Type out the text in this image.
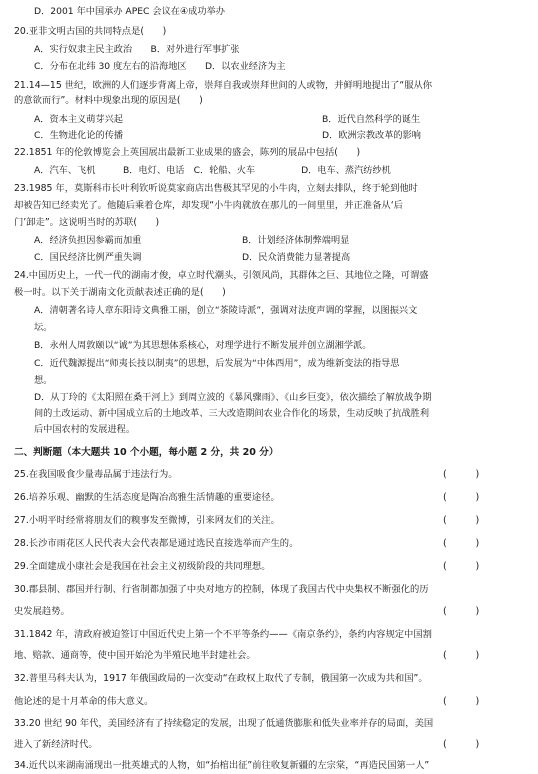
D．2001 年中国承办 APEC 会议在④成功举办
20.亚非文明古国的共同特点是(　　)
A．实行奴隶主民主政治　　B．对外进行军事扩张
C．分布在北纬 30 度左右的沿海地区　　D．以农业经济为主
21.14—15 世纪，欧洲的人们逐步背离上帝，崇拜自我或崇拜世间的人或物，并鲜明地提出了“服从你
的意欲而行”。材料中现象出现的原因是(　　)
A．资本主义萌芽兴起	B．近代自然科学的诞生
C．生物进化论的传播	D．欧洲宗教改革的影响
22.1851 年的伦敦博览会上英国展出最新工业成果的盛会，陈列的展品中包括(　　)
A．汽车、飞机　　　B．电灯、电话　C．轮船、火车　　　　　D．电车、蒸汽纺纱机
23.1985 年，莫斯科市长叶利钦听说莫家商店出售极其罕见的小牛肉，立刻去排队，终于轮到他时
却被告知已经卖光了。他随后乘着仓库，却发现“小牛肉就放在那儿的一间里里，并正准备从‘后
门’卸走”。这说明当时的苏联(　　)
A．经济负担因参霸而加重	B．计划经济体制弊端明显
C．国民经济比例严重失调	D．民众消费能力显著提高
24.中国历史上，一代一代的湖南才俊，卓立时代潮头，引领风尚，其群体之巨、其地位之隆，可谓盛
极一时。以下关于湖南文化贡献表述正确的是(　　)
A．清朝著名诗人章东阳诗文典雅工丽，创立“茶陵诗派”，强调对法度声调的掌握，以图振兴文
坛。
B．永州人周敦颐以“诚”为其思想体系核心，对理学进行不断发展并创立湖湘学派。
C．近代魏源提出“师夷长技以制夷”的思想，后发展为“中体西用”，成为维新变法的指导思
想。
D．从丁玲的《太阳照在桑干河上》到周立波的《暴风骤雨》、《山乡巨变》，依次描绘了解放战争期
间的土改运动、新中国成立后的土地改革、三大改造期间农业合作化的场景，生动反映了抗战胜利
后中国农村的发展进程。
二、判断题（本大题共 10 个小题，每小题 2 分，共 20 分）
25.在我国吸食少量毒品属于违法行为。	(　　　)
26.培养乐观、幽默的生活态度是陶冶高雅生活情趣的重要途径。	(　　　)
27.小明平时经常将朋友们的糗事发至微博，引来网友们的关注。	(　　　)
28.长沙市雨花区人民代表大会代表都是通过选民直接选举而产生的。	(　　　)
29.全面建成小康社会是我国在社会主义初级阶段的共同理想。	(　　　)
30.郡县制、郡国并行制、行省制都加强了中央对地方的控制，体现了我国古代中央集权不断强化的历
史发展趋势。	(　　　)
31.1842 年，清政府被迫签订中国近代史上第一个不平等条约——《南京条约》，条约内容规定中国割
地、赔款、通商等，使中国开始沦为半殖民地半封建社会。	(　　　)
32.普里马科夫认为，1917 年俄国政局的一次变动“在政权上取代了专制，俄国第一次成为共和国”。
他论述的是十月革命的伟大意义。	(　　　)
33.20 世纪 90 年代，美国经济有了持续稳定的发展，出现了低通货膨胀和低失业率并存的局面，美国
进入了新经济时代。	(　　　)
34.近代以来湖南涌现出一批英雄式的人物，如“抬棺出征”前往收复新疆的左宗棠，“再造民国第一人”
